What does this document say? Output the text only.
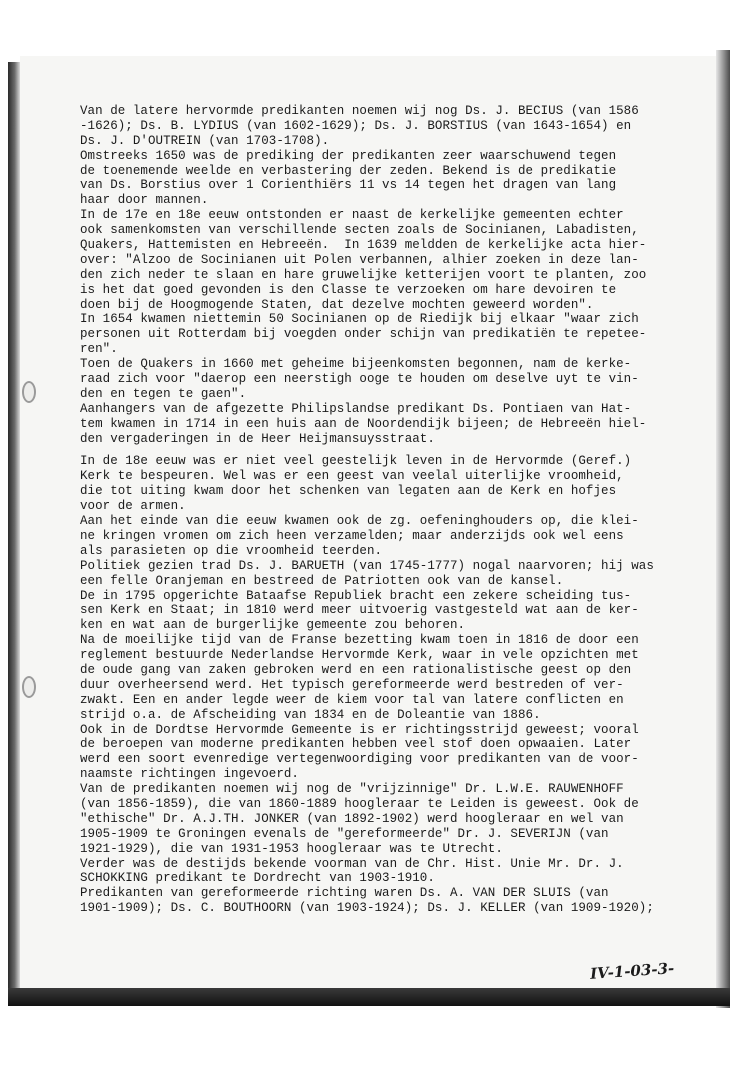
Van de latere hervormde predikanten noemen wij nog Ds. J. BECIUS (van 1586
-1626); Ds. B. LYDIUS (van 1602-1629); Ds. J. BORSTIUS (van 1643-1654) en
Ds. J. D'OUTREIN (van 1703-1708).
Omstreeks 1650 was de prediking der predikanten zeer waarschuwend tegen
de toenemende weelde en verbastering der zeden. Bekend is de predikatie
van Ds. Borstius over 1 Corienthiërs 11 vs 14 tegen het dragen van lang
haar door mannen.
In de 17e en 18e eeuw ontstonden er naast de kerkelijke gemeenten echter
ook samenkomsten van verschillende secten zoals de Socinianen, Labadisten,
Quakers, Hattemisten en Hebreeën.  In 1639 meldden de kerkelijke acta hier-
over: "Alzoo de Socinianen uit Polen verbannen, alhier zoeken in deze lan-
den zich neder te slaan en hare gruwelijke ketterijen voort te planten, zoo
is het dat goed gevonden is den Classe te verzoeken om hare devoiren te
doen bij de Hoogmogende Staten, dat dezelve mochten geweerd worden".
In 1654 kwamen niettemin 50 Socinianen op de Riedijk bij elkaar "waar zich
personen uit Rotterdam bij voegden onder schijn van predikatiën te repetee-
ren".
Toen de Quakers in 1660 met geheime bijeenkomsten begonnen, nam de kerke-
raad zich voor "daerop een neerstigh ooge te houden om deselve uyt te vin-
den en tegen te gaen".
Aanhangers van de afgezette Philipslandse predikant Ds. Pontiaen van Hat-
tem kwamen in 1714 in een huis aan de Noordendijk bijeen; de Hebreeën hiel-
den vergaderingen in de Heer Heijmansuysstraat.
In de 18e eeuw was er niet veel geestelijk leven in de Hervormde (Geref.)
Kerk te bespeuren. Wel was er een geest van veelal uiterlijke vroomheid,
die tot uiting kwam door het schenken van legaten aan de Kerk en hofjes
voor de armen.
Aan het einde van die eeuw kwamen ook de zg. oefeninghouders op, die klei-
ne kringen vromen om zich heen verzamelden; maar anderzijds ook wel eens
als parasieten op die vroomheid teerden.
Politiek gezien trad Ds. J. BARUETH (van 1745-1777) nogal naarvoren; hij was
een felle Oranjeman en bestreed de Patriotten ook van de kansel.
De in 1795 opgerichte Bataafse Republiek bracht een zekere scheiding tus-
sen Kerk en Staat; in 1810 werd meer uitvoerig vastgesteld wat aan de ker-
ken en wat aan de burgerlijke gemeente zou behoren.
Na de moeilijke tijd van de Franse bezetting kwam toen in 1816 de door een
reglement bestuurde Nederlandse Hervormde Kerk, waar in vele opzichten met
de oude gang van zaken gebroken werd en een rationalistische geest op den
duur overheersend werd. Het typisch gereformeerde werd bestreden of ver-
zwakt. Een en ander legde weer de kiem voor tal van latere conflicten en
strijd o.a. de Afscheiding van 1834 en de Doleantie van 1886.
Ook in de Dordtse Hervormde Gemeente is er richtingsstrijd geweest; vooral
de beroepen van moderne predikanten hebben veel stof doen opwaaien. Later
werd een soort evenredige vertegenwoordiging voor predikanten van de voor-
naamste richtingen ingevoerd.
Van de predikanten noemen wij nog de "vrijzinnige" Dr. L.W.E. RAUWENHOFF
(van 1856-1859), die van 1860-1889 hoogleraar te Leiden is geweest. Ook de
"ethische" Dr. A.J.TH. JONKER (van 1892-1902) werd hoogleraar en wel van
1905-1909 te Groningen evenals de "gereformeerde" Dr. J. SEVERIJN (van
1921-1929), die van 1931-1953 hoogleraar was te Utrecht.
Verder was de destijds bekende voorman van de Chr. Hist. Unie Mr. Dr. J.
SCHOKKING predikant te Dordrecht van 1903-1910.
Predikanten van gereformeerde richting waren Ds. A. VAN DER SLUIS (van
1901-1909); Ds. C. BOUTHOORN (van 1903-1924); Ds. J. KELLER (van 1909-1920);
IV-1-03-3-
